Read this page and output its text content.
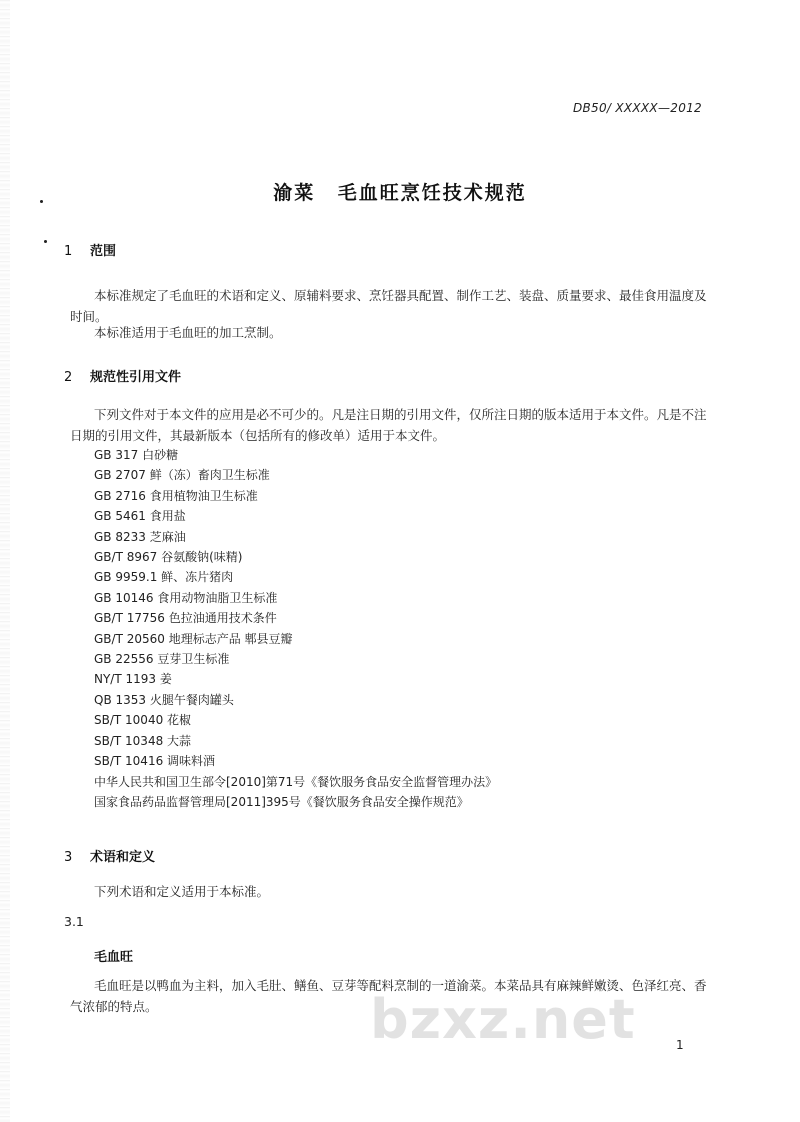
DB50/ XXXXX—2012
渝菜 毛血旺烹饪技术规范
1 范围
本标准规定了毛血旺的术语和定义、原辅料要求、烹饪器具配置、制作工艺、装盘、质量要求、最佳食用温度及时间。
本标准适用于毛血旺的加工烹制。
2 规范性引用文件
下列文件对于本文件的应用是必不可少的。凡是注日期的引用文件，仅所注日期的版本适用于本文件。凡是不注日期的引用文件，其最新版本（包括所有的修改单）适用于本文件。
GB 317 白砂糖
GB 2707 鲜（冻）畜肉卫生标准
GB 2716 食用植物油卫生标准
GB 5461 食用盐
GB 8233 芝麻油
GB/T 8967 谷氨酸钠(味精)
GB 9959.1 鲜、冻片猪肉
GB 10146 食用动物油脂卫生标准
GB/T 17756 色拉油通用技术条件
GB/T 20560 地理标志产品 郫县豆瓣
GB 22556 豆芽卫生标准
NY/T 1193 姜
QB 1353 火腿午餐肉罐头
SB/T 10040 花椒
SB/T 10348 大蒜
SB/T 10416 调味料酒
中华人民共和国卫生部令[2010]第71号《餐饮服务食品安全监督管理办法》
国家食品药品监督管理局[2011]395号《餐饮服务食品安全操作规范》
3 术语和定义
下列术语和定义适用于本标准。
3.1
毛血旺
毛血旺是以鸭血为主料，加入毛肚、鳝鱼、豆芽等配料烹制的一道渝菜。本菜品具有麻辣鲜嫩烫、色泽红亮、香气浓郁的特点。	bzxz.net	1
